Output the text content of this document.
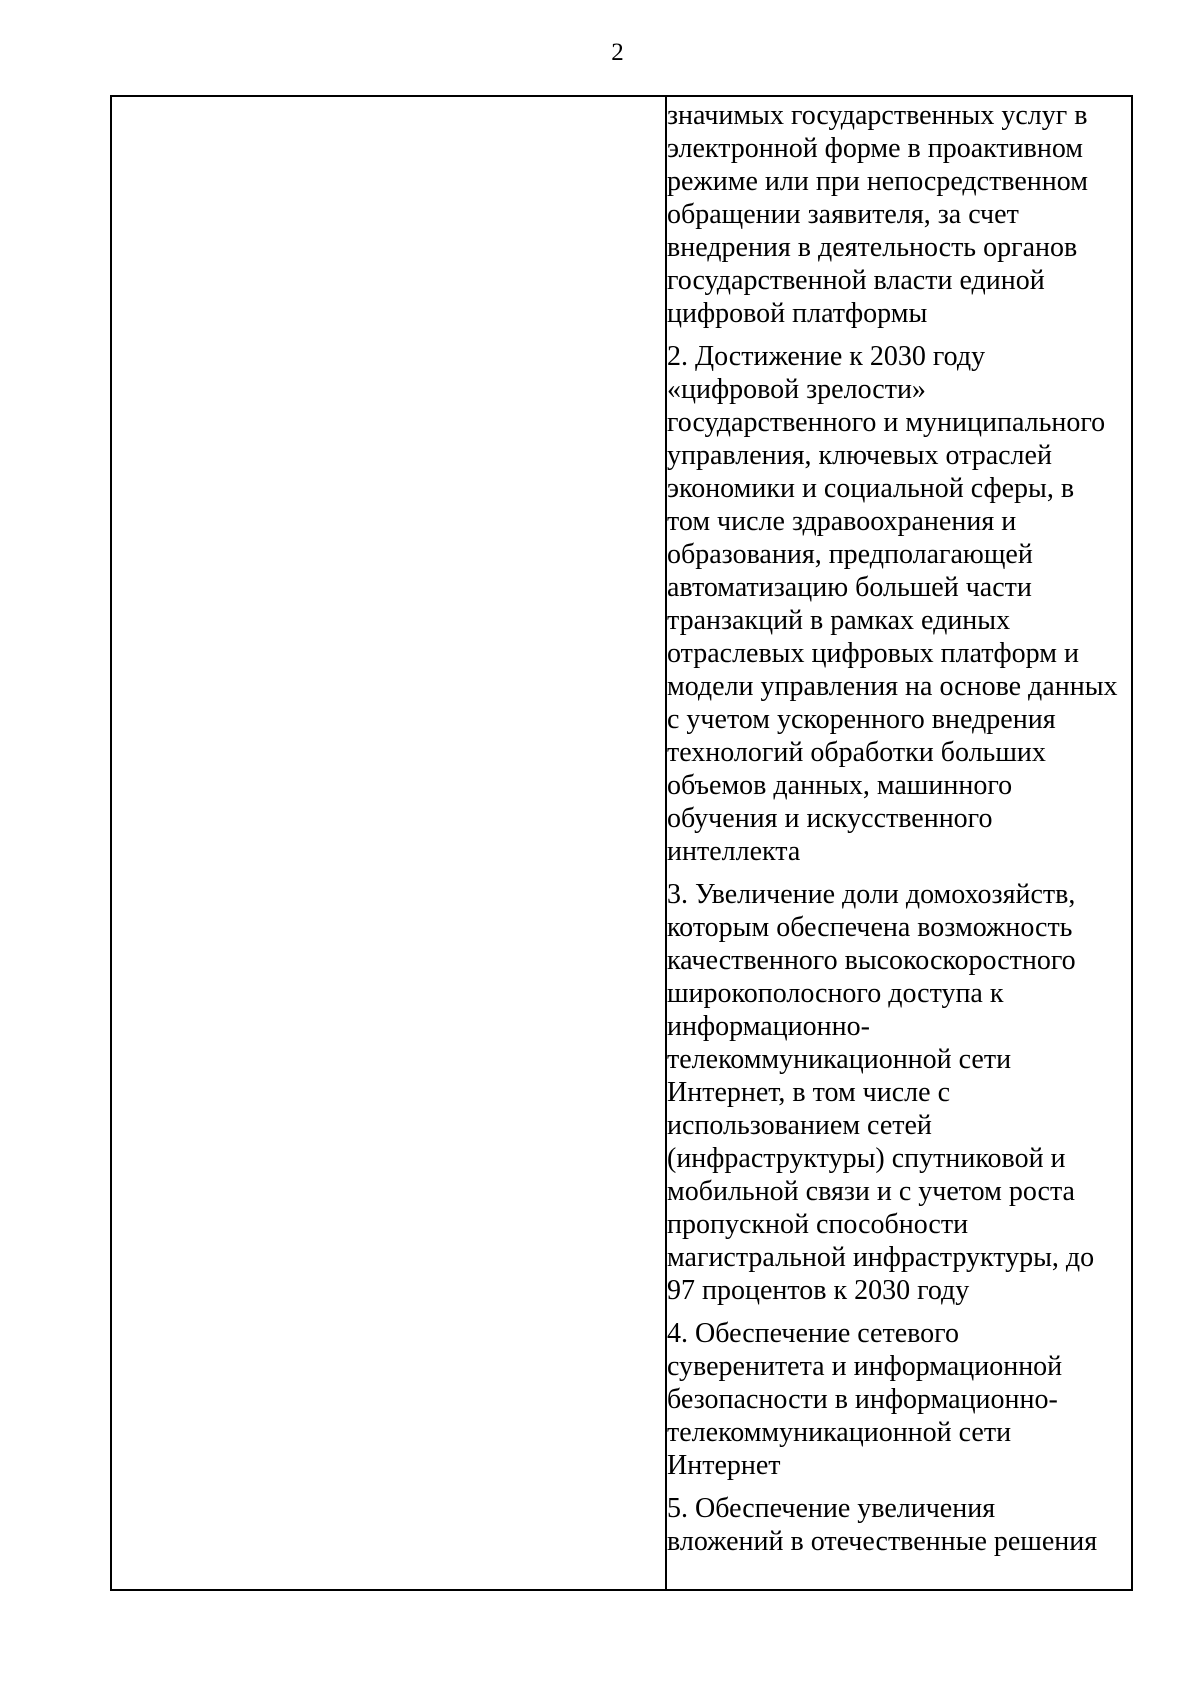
2

значимых государственных услуг в
электронной форме в проактивном
режиме или при непосредственном
обращении заявителя, за счет
внедрения в деятельность органов
государственной власти единой
цифровой платформы

2. Достижение к 2030 году
«цифровой зрелости»
государственного и муниципального
управления, ключевых отраслей
экономики и социальной сферы, в
том числе здравоохранения и
образования, предполагающей
автоматизацию большей части
транзакций в рамках единых
отраслевых цифровых платформ и
модели управления на основе данных
с учетом ускоренного внедрения
технологий обработки больших
объемов данных, машинного
обучения и искусственного
интеллекта

3. Увеличение доли домохозяйств,
которым обеспечена возможность
качественного высокоскоростного
широкополосного доступа к
информационно-
телекоммуникационной сети
Интернет, в том числе с
использованием сетей
(инфраструктуры) спутниковой и
мобильной связи и с учетом роста
пропускной способности
магистральной инфраструктуры, до
97 процентов к 2030 году

4. Обеспечение сетевого
суверенитета и информационной
безопасности в информационно-
телекоммуникационной сети
Интернет

5. Обеспечение увеличения
вложений в отечественные решения
